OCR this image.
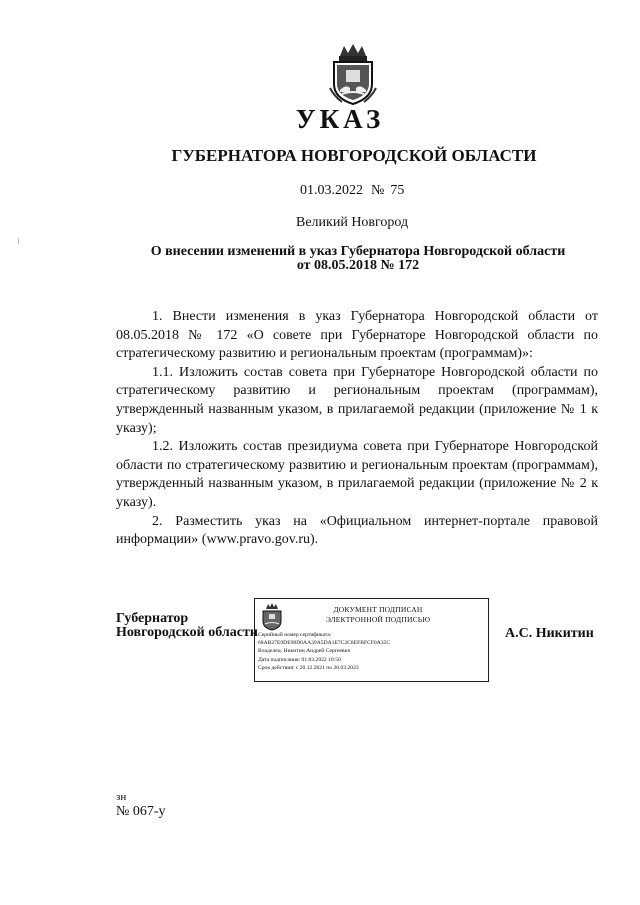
УКАЗ
ГУБЕРНАТОРА НОВГОРОДСКОЙ ОБЛАСТИ
01.03.2022 № 75
Великий Новгород
О внесении изменений в указ Губернатора Новгородской области
от 08.05.2018 № 172

1. Внести изменения в указ Губернатора Новгородской области от 08.05.2018 № 172 «О совете при Губернаторе Новгородской области по стратегическому развитию и региональным проектам (программам)»:

1.1. Изложить состав совета при Губернаторе Новгородской области по стратегическому развитию и региональным проектам (программам), утвержденный названным указом, в прилагаемой редакции (приложение № 1 к указу);

1.2. Изложить состав президиума совета при Губернаторе Новгородской области по стратегическому развитию и региональным проектам (программам), утвержденный названным указом, в прилагаемой редакции (приложение № 2 к указу).

2. Разместить указ на «Официальном интернет-портале правовой информации» (www.pravo.gov.ru).

Губернатор
Новгородской области
ДОКУМЕНТ ПОДПИСАН
ЭЛЕКТРОННОЙ ПОДПИСЬЮ
Серийный номер сертификата:
68AB27E9DE98D0AA39A5DA1E7C2C8EFBFCF0A35C
Владелец: Никитин Андрей Сергеевич
Дата подписания: 01.03.2022 10:50
Срок действия: с 20.12.2021 по 20.03.2023
А.С. Никитин
зн
№ 067-у
